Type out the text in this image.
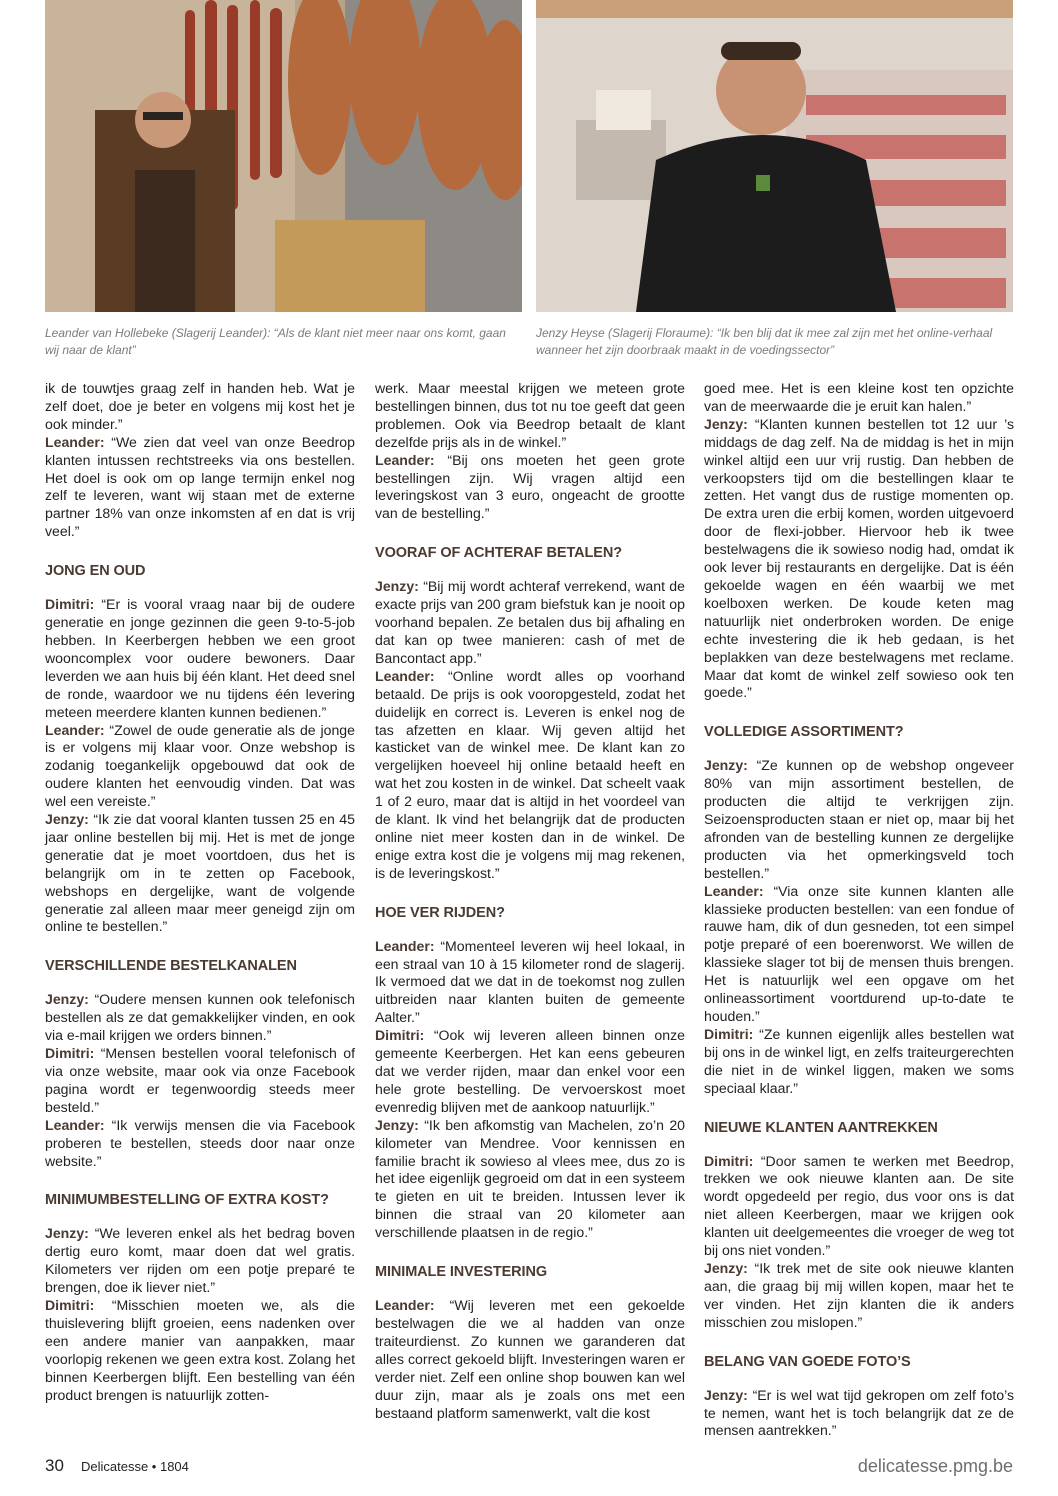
Leander van Hollebeke (Slagerij Leander): “Als de klant niet meer naar ons komt, gaan wij naar de klant”
Jenzy Heyse (Slagerij Floraume): “Ik ben blij dat ik mee zal zijn met het online-verhaal wanneer het zijn doorbraak maakt in de voedingssector”

ik de touwtjes graag zelf in handen heb. Wat je zelf doet, doe je beter en volgens mij kost het je ook minder.”

Leander: “We zien dat veel van onze Beedrop klanten intussen rechtstreeks via ons bestellen. Het doel is ook om op lange termijn enkel nog zelf te leveren, want wij staan met de externe partner 18% van onze inkomsten af en dat is vrij veel.”

JONG EN OUD

Dimitri: “Er is vooral vraag naar bij de oudere generatie en jonge gezinnen die geen 9-to-5-job hebben. In Keerbergen hebben we een groot wooncomplex voor oudere bewoners. Daar leverden we aan huis bij één klant. Het deed snel de ronde, waardoor we nu tijdens één levering meteen meerdere klanten kunnen bedienen.”

Leander: “Zowel de oude generatie als de jonge is er volgens mij klaar voor. Onze webshop is zodanig toegankelijk opgebouwd dat ook de oudere klanten het eenvoudig vinden. Dat was wel een vereiste.”

Jenzy: “Ik zie dat vooral klanten tussen 25 en 45 jaar online bestellen bij mij. Het is met de jonge generatie dat je moet voortdoen, dus het is belangrijk om in te zetten op Facebook, webshops en dergelijke, want de volgende generatie zal alleen maar meer geneigd zijn om online te bestellen.”

VERSCHILLENDE BESTELKANALEN

Jenzy: “Oudere mensen kunnen ook telefonisch bestellen als ze dat gemakkelijker vinden, en ook via e-mail krijgen we orders binnen.”

Dimitri: “Mensen bestellen vooral telefonisch of via onze website, maar ook via onze Facebook pagina wordt er tegenwoordig steeds meer besteld.”

Leander: “Ik verwijs mensen die via Facebook proberen te bestellen, steeds door naar onze website.”

MINIMUMBESTELLING OF EXTRA KOST?

Jenzy: “We leveren enkel als het bedrag boven dertig euro komt, maar doen dat wel gratis. Kilometers ver rijden om een potje preparé te brengen, doe ik liever niet.”

Dimitri: “Misschien moeten we, als die thuislevering blijft groeien, eens nadenken over een andere manier van aanpakken, maar voorlopig rekenen we geen extra kost. Zolang het binnen Keerbergen blijft. Een bestelling van één product brengen is natuurlijk zotten-

werk. Maar meestal krijgen we meteen grote bestellingen binnen, dus tot nu toe geeft dat geen problemen. Ook via Beedrop betaalt de klant dezelfde prijs als in de winkel.”

Leander: “Bij ons moeten het geen grote bestellingen zijn. Wij vragen altijd een leveringskost van 3 euro, ongeacht de grootte van de bestelling.”

VOORAF OF ACHTERAF BETALEN?

Jenzy: “Bij mij wordt achteraf verrekend, want de exacte prijs van 200 gram biefstuk kan je nooit op voorhand bepalen. Ze betalen dus bij afhaling en dat kan op twee manieren: cash of met de Bancontact app.”

Leander: “Online wordt alles op voorhand betaald. De prijs is ook vooropgesteld, zodat het duidelijk en correct is. Leveren is enkel nog de tas afzetten en klaar. Wij geven altijd het kasticket van de winkel mee. De klant kan zo vergelijken hoeveel hij online betaald heeft en wat het zou kosten in de winkel. Dat scheelt vaak 1 of 2 euro, maar dat is altijd in het voordeel van de klant. Ik vind het belangrijk dat de producten online niet meer kosten dan in de winkel. De enige extra kost die je volgens mij mag rekenen, is de leveringskost.”

HOE VER RIJDEN?

Leander: “Momenteel leveren wij heel lokaal, in een straal van 10 à 15 kilometer rond de slagerij. Ik vermoed dat we dat in de toekomst nog zullen uitbreiden naar klanten buiten de gemeente Aalter.”

Dimitri: “Ook wij leveren alleen binnen onze gemeente Keerbergen. Het kan eens gebeuren dat we verder rijden, maar dan enkel voor een hele grote bestelling. De vervoerskost moet evenredig blijven met de aankoop natuurlijk.”

Jenzy: “Ik ben afkomstig van Machelen, zo’n 20 kilometer van Mendree. Voor kennissen en familie bracht ik sowieso al vlees mee, dus zo is het idee eigenlijk gegroeid om dat in een systeem te gieten en uit te breiden. Intussen lever ik binnen die straal van 20 kilometer aan verschillende plaatsen in de regio.”

MINIMALE INVESTERING

Leander: “Wij leveren met een gekoelde bestelwagen die we al hadden van onze traiteurdienst. Zo kunnen we garanderen dat alles correct gekoeld blijft. Investeringen waren er verder niet. Zelf een online shop bouwen kan wel duur zijn, maar als je zoals ons met een bestaand platform samenwerkt, valt die kost

goed mee. Het is een kleine kost ten opzichte van de meerwaarde die je eruit kan halen.”

Jenzy: “Klanten kunnen bestellen tot 12 uur ’s middags de dag zelf. Na de middag is het in mijn winkel altijd een uur vrij rustig. Dan hebben de verkoopsters tijd om die bestellingen klaar te zetten. Het vangt dus de rustige momenten op. De extra uren die erbij komen, worden uitgevoerd door de flexi-jobber. Hiervoor heb ik twee bestelwagens die ik sowieso nodig had, omdat ik ook lever bij restaurants en dergelijke. Dat is één gekoelde wagen en één waarbij we met koelboxen werken. De koude keten mag natuurlijk niet onderbroken worden. De enige echte investering die ik heb gedaan, is het beplakken van deze bestelwagens met reclame. Maar dat komt de winkel zelf sowieso ook ten goede.”

VOLLEDIGE ASSORTIMENT?

Jenzy: “Ze kunnen op de webshop ongeveer 80% van mijn assortiment bestellen, de producten die altijd te verkrijgen zijn. Seizoensproducten staan er niet op, maar bij het afronden van de bestelling kunnen ze dergelijke producten via het opmerkingsveld toch bestellen.”

Leander: “Via onze site kunnen klanten alle klassieke producten bestellen: van een fondue of rauwe ham, dik of dun gesneden, tot een simpel potje preparé of een boerenworst. We willen de klassieke slager tot bij de mensen thuis brengen. Het is natuurlijk wel een opgave om het onlineassortiment voortdurend up-to-date te houden.”

Dimitri: “Ze kunnen eigenlijk alles bestellen wat bij ons in de winkel ligt, en zelfs traiteurgerechten die niet in de winkel liggen, maken we soms speciaal klaar.”

NIEUWE KLANTEN AANTREKKEN

Dimitri: “Door samen te werken met Beedrop, trekken we ook nieuwe klanten aan. De site wordt opgedeeld per regio, dus voor ons is dat niet alleen Keerbergen, maar we krijgen ook klanten uit deelgemeentes die vroeger de weg tot bij ons niet vonden.”

Jenzy: “Ik trek met de site ook nieuwe klanten aan, die graag bij mij willen kopen, maar het te ver vinden. Het zijn klanten die ik anders misschien zou mislopen.”

BELANG VAN GOEDE FOTO’S

Jenzy: “Er is wel wat tijd gekropen om zelf foto’s te nemen, want het is toch belangrijk dat ze de mensen aantrekken.”

30 Delicatesse • 1804	delicatesse.pmg.be
